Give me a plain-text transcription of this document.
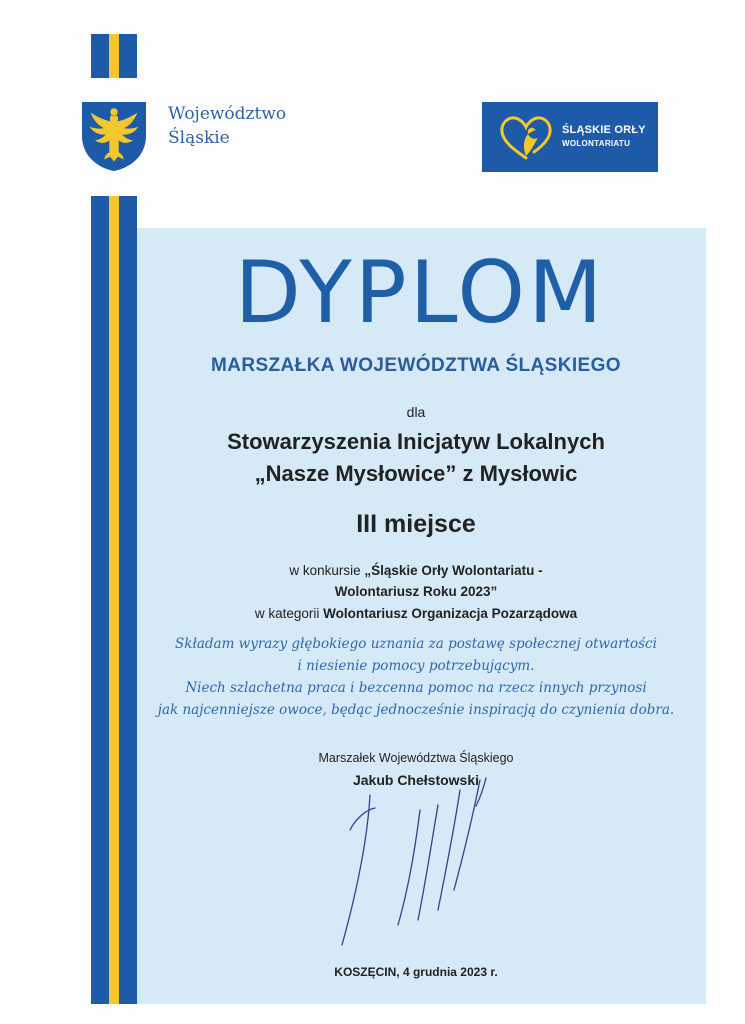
Województwo
Śląskie	ŚLĄSKIE ORŁY
WOLONTARIATU
DYPLOM
MARSZAŁKA WOJEWÓDZTWA ŚLĄSKIEGO
dla
Stowarzyszenia Inicjatyw Lokalnych
„Nasze Mysłowice” z Mysłowic
III miejsce
w konkursie „Śląskie Orły Wolontariatu -
Wolontariusz Roku 2023”
w kategorii Wolontariusz Organizacja Pozarządowa
Składam wyrazy głębokiego uznania za postawę społecznej otwartości
i niesienie pomocy potrzebującym.
Niech szlachetna praca i bezcenna pomoc na rzecz innych przynosi
jak najcenniejsze owoce, będąc jednocześnie inspiracją do czynienia dobra.
Marszałek Województwa Śląskiego
Jakub Chełstowski
KOSZĘCIN, 4 grudnia 2023 r.
